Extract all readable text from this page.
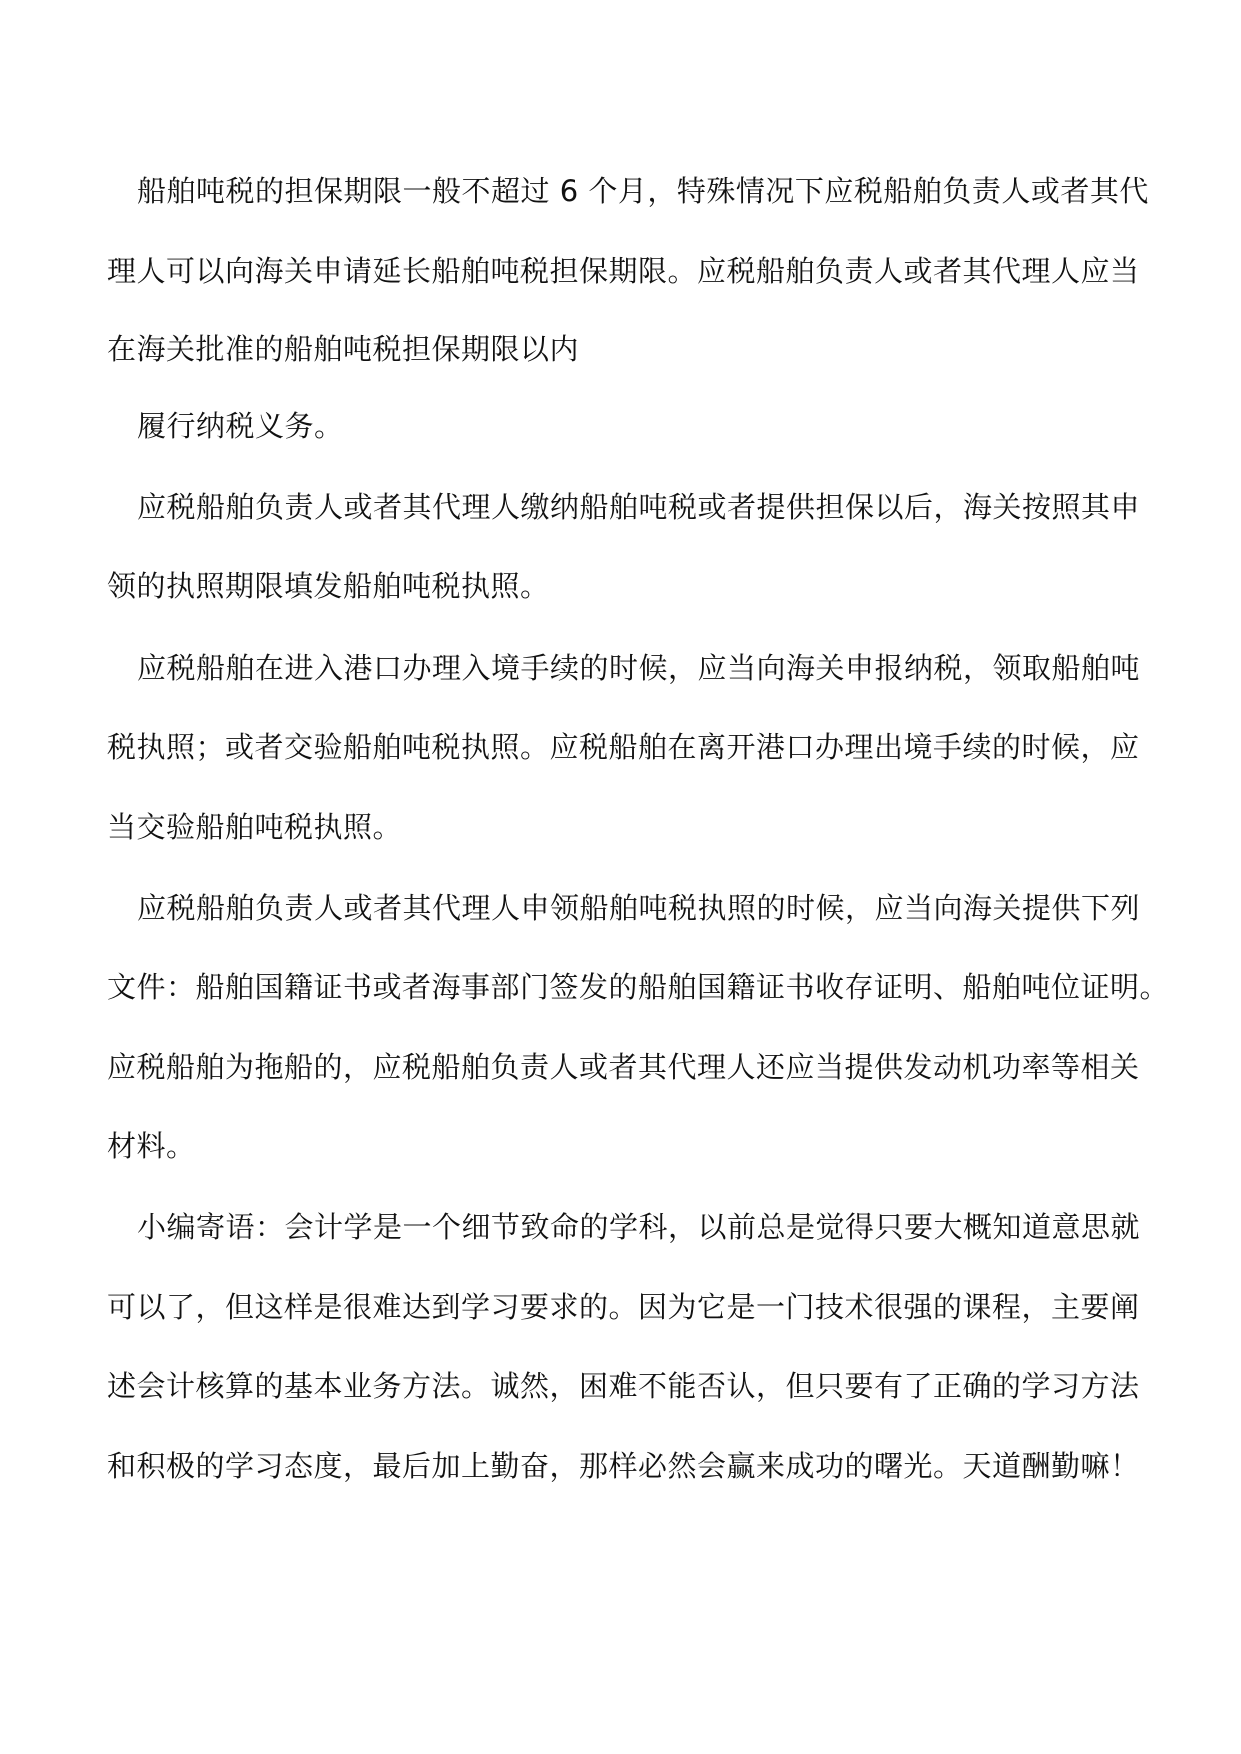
船舶吨税的担保期限一般不超过 6 个月，特殊情况下应税船舶负责人或者其代
理人可以向海关申请延长船舶吨税担保期限。应税船舶负责人或者其代理人应当
在海关批准的船舶吨税担保期限以内
履行纳税义务。
应税船舶负责人或者其代理人缴纳船舶吨税或者提供担保以后，海关按照其申
领的执照期限填发船舶吨税执照。
应税船舶在进入港口办理入境手续的时候，应当向海关申报纳税，领取船舶吨
税执照；或者交验船舶吨税执照。应税船舶在离开港口办理出境手续的时候，应
当交验船舶吨税执照。
应税船舶负责人或者其代理人申领船舶吨税执照的时候，应当向海关提供下列
文件：船舶国籍证书或者海事部门签发的船舶国籍证书收存证明、船舶吨位证明。
应税船舶为拖船的，应税船舶负责人或者其代理人还应当提供发动机功率等相关
材料。
小编寄语：会计学是一个细节致命的学科，以前总是觉得只要大概知道意思就
可以了，但这样是很难达到学习要求的。因为它是一门技术很强的课程，主要阐
述会计核算的基本业务方法。诚然，困难不能否认，但只要有了正确的学习方法
和积极的学习态度，最后加上勤奋，那样必然会赢来成功的曙光。天道酬勤嘛！
